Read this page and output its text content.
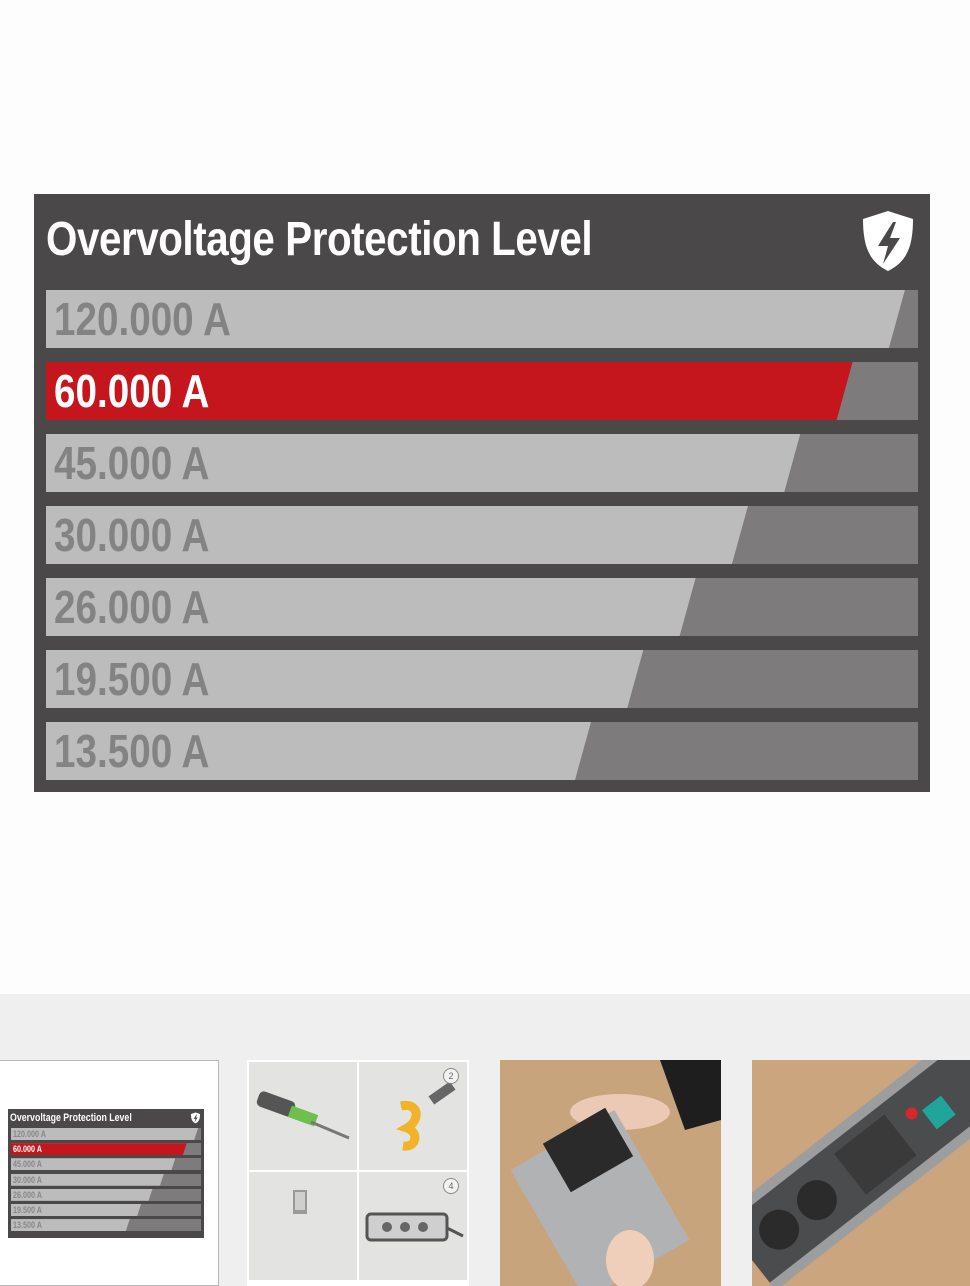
Overvoltage Protection Level
120.000 A
60.000 A
45.000 A
30.000 A
26.000 A
19.500 A
13.500 A
Overvoltage Protection Level
120.000 A
60.000 A
45.000 A
30.000 A
26.000 A
19.500 A
13.500 A
2
4
